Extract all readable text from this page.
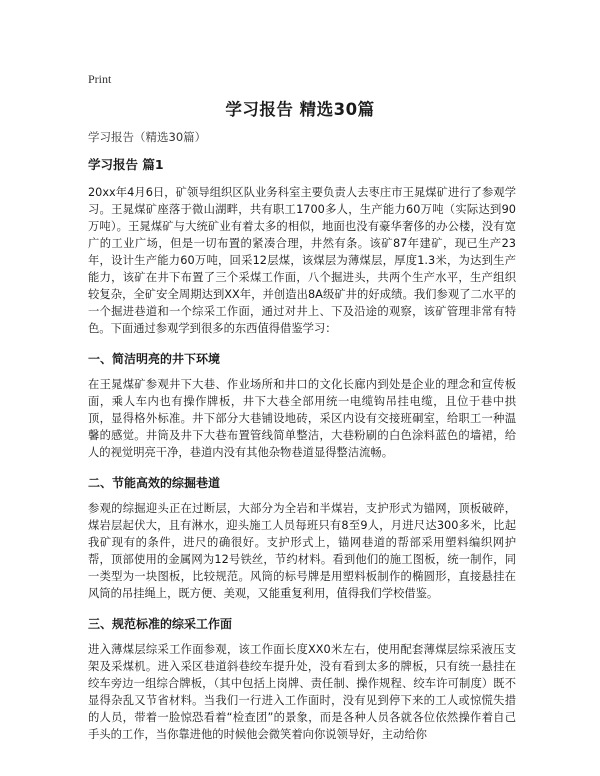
Print
学习报告 精选30篇

学习报告（精选30篇）

学习报告 篇1

20xx年4月6日，矿领导组织区队业务科室主要负责人去枣庄市王晁煤矿进行了参观学习。王晁煤矿座落于微山湖畔，共有职工1700多人，生产能力60万吨（实际达到90万吨）。王晁煤矿与大统矿业有着太多的相似，地面也没有豪华奢侈的办公楼，没有宽广的工业广场，但是一切布置的紧凑合理，井然有条。该矿87年建矿，现已生产23年，设计生产能力60万吨，回采12层煤，该煤层为薄煤层，厚度1.3米，为达到生产能力，该矿在井下布置了三个采煤工作面，八个掘进头，共两个生产水平，生产组织较复杂，全矿安全周期达到XX年，并创造出8A级矿井的好成绩。我们参观了二水平的一个掘进巷道和一个综采工作面，通过对井上、下及沿途的观察，该矿管理非常有特色。下面通过参观学到很多的东西值得借鉴学习：

一、简洁明亮的井下环境

在王晁煤矿参观井下大巷、作业场所和井口的文化长廊内到处是企业的理念和宣传板面，乘人车内也有操作牌板，井下大巷全部用统一电缆钩吊挂电缆，且位于巷中拱顶，显得格外标准。井下部分大巷铺设地砖，采区内设有交接班硐室，给职工一种温馨的感觉。井筒及井下大巷布置管线简单整洁，大巷粉刷的白色涂料蓝色的墙裙，给人的视觉明亮干净，巷道内没有其他杂物巷道显得整洁流畅。

二、节能高效的综掘巷道

参观的综掘迎头正在过断层，大部分为全岩和半煤岩，支护形式为锚网，顶板破碎，煤岩层起伏大，且有淋水，迎头施工人员每班只有8至9人，月进尺达300多米，比起我矿现有的条件，进尺的确很好。支护形式上，锚网巷道的帮部采用塑料编织网护帮，顶部使用的金属网为12号铁丝，节约材料。看到他们的施工图板，统一制作，同一类型为一块图板，比较规范。风筒的标号牌是用塑料板制作的椭圆形，直接悬挂在风筒的吊挂绳上，既方便、美观，又能重复利用，值得我们学校借鉴。

三、规范标准的综采工作面

进入薄煤层综采工作面参观，该工作面长度XX0米左右，使用配套薄煤层综采液压支架及采煤机。进入采区巷道斜巷绞车提升处，没有看到太多的牌板，只有统一悬挂在绞车旁边一组综合牌板，（其中包括上岗牌、责任制、操作规程、绞车许可制度）既不显得杂乱又节省材料。当我们一行进入工作面时，没有见到停下来的工人或惊慌失措的人员，带着一脸惊恐看着“检查团”的景象，而是各种人员各就各位依然操作着自己手头的工作，当你靠进他的时候他会微笑着向你说领导好，主动给你
